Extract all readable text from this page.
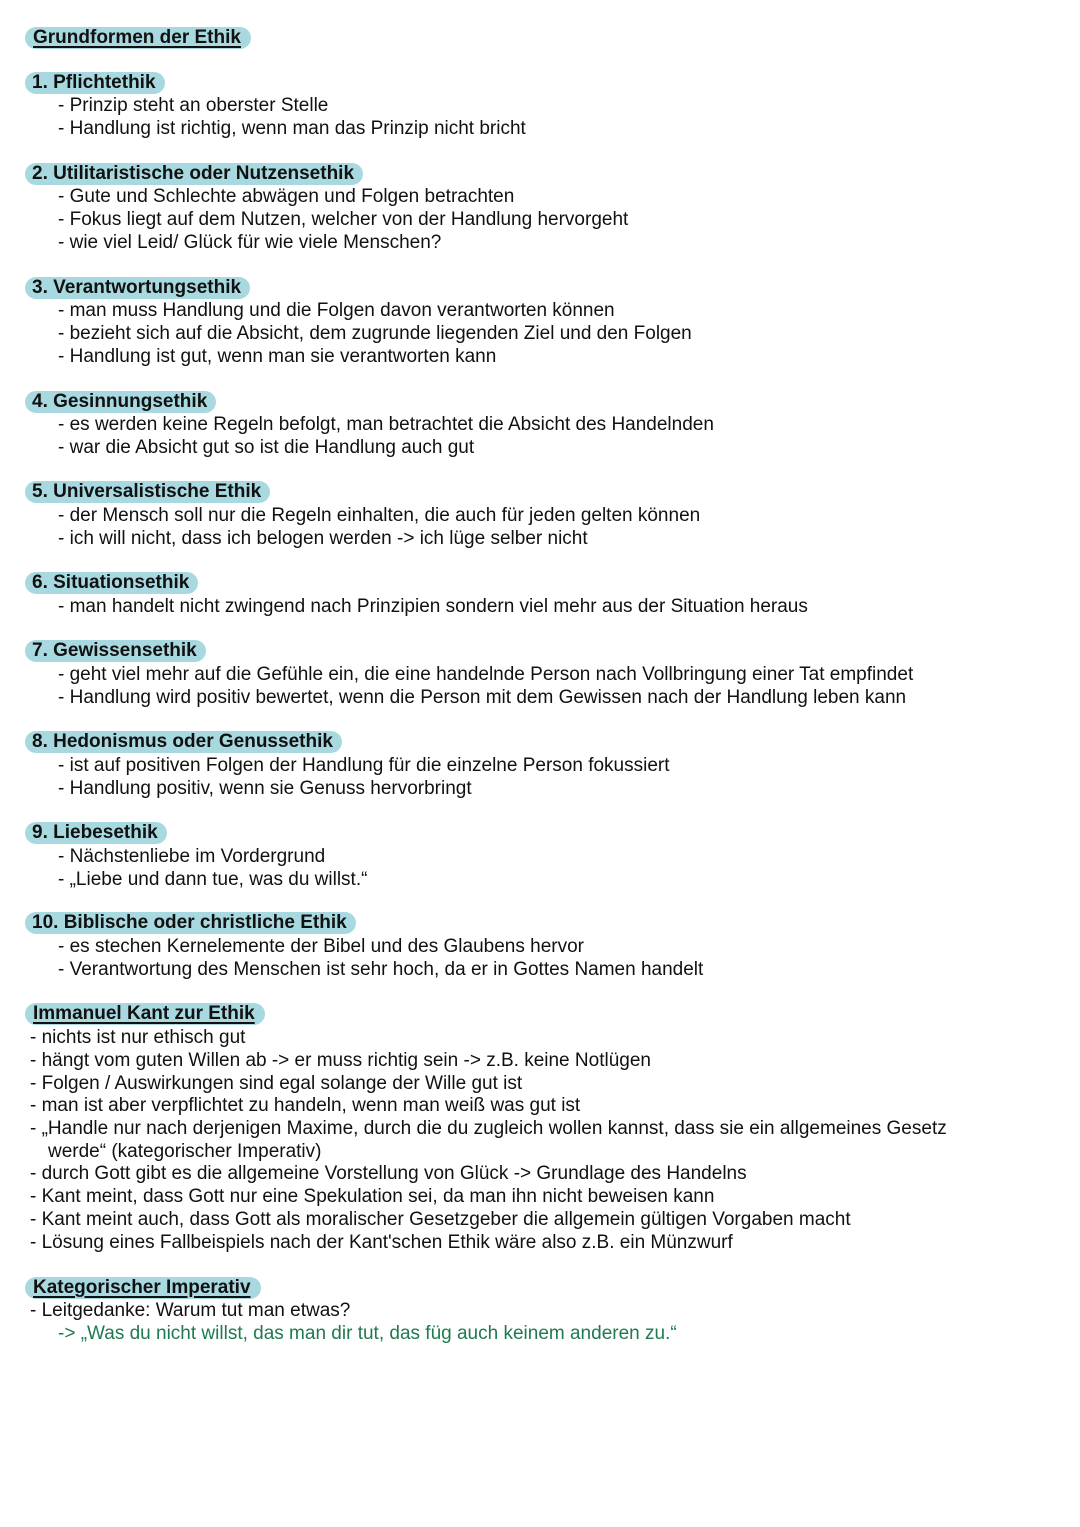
Grundformen der Ethik
1. Pflichtethik
- Prinzip steht an oberster Stelle
- Handlung ist richtig, wenn man das Prinzip nicht bricht
2. Utilitaristische oder Nutzensethik
- Gute und Schlechte abwägen und Folgen betrachten
- Fokus liegt auf dem Nutzen, welcher von der Handlung hervorgeht
- wie viel Leid/ Glück für wie viele Menschen?
3. Verantwortungsethik
- man muss Handlung und die Folgen davon verantworten können
- bezieht sich auf die Absicht, dem zugrunde liegenden Ziel und den Folgen
- Handlung ist gut, wenn man sie verantworten kann
4. Gesinnungsethik
- es werden keine Regeln befolgt, man betrachtet die Absicht des Handelnden
- war die Absicht gut so ist die Handlung auch gut
5. Universalistische Ethik
- der Mensch soll nur die Regeln einhalten, die auch für jeden gelten können
- ich will nicht, dass ich belogen werden -> ich lüge selber nicht
6. Situationsethik
- man handelt nicht zwingend nach Prinzipien sondern viel mehr aus der Situation heraus
7. Gewissensethik
- geht viel mehr auf die Gefühle ein, die eine handelnde Person nach Vollbringung einer Tat empfindet
- Handlung wird positiv bewertet, wenn die Person mit dem Gewissen nach der Handlung leben kann
8. Hedonismus oder Genussethik
- ist auf positiven Folgen der Handlung für die einzelne Person fokussiert
- Handlung positiv, wenn sie Genuss hervorbringt
9. Liebesethik
- Nächstenliebe im Vordergrund
- „Liebe und dann tue, was du willst.“
10. Biblische oder christliche Ethik
- es stechen Kernelemente der Bibel und des Glaubens hervor
- Verantwortung des Menschen ist sehr hoch, da er in Gottes Namen handelt
Immanuel Kant zur Ethik
- nichts ist nur ethisch gut
- hängt vom guten Willen ab -> er muss richtig sein -> z.B. keine Notlügen
- Folgen / Auswirkungen sind egal solange der Wille gut ist
- man ist aber verpflichtet zu handeln, wenn man weiß was gut ist
- „Handle nur nach derjenigen Maxime, durch die du zugleich wollen kannst, dass sie ein allgemeines Gesetz
werde“ (kategorischer Imperativ)
- durch Gott gibt es die allgemeine Vorstellung von Glück -> Grundlage des Handelns
- Kant meint, dass Gott nur eine Spekulation sei, da man ihn nicht beweisen kann
- Kant meint auch, dass Gott als moralischer Gesetzgeber die allgemein gültigen Vorgaben macht
- Lösung eines Fallbeispiels nach der Kant'schen Ethik wäre also z.B. ein Münzwurf
Kategorischer Imperativ
- Leitgedanke: Warum tut man etwas?
-> „Was du nicht willst, das man dir tut, das füg auch keinem anderen zu.“
